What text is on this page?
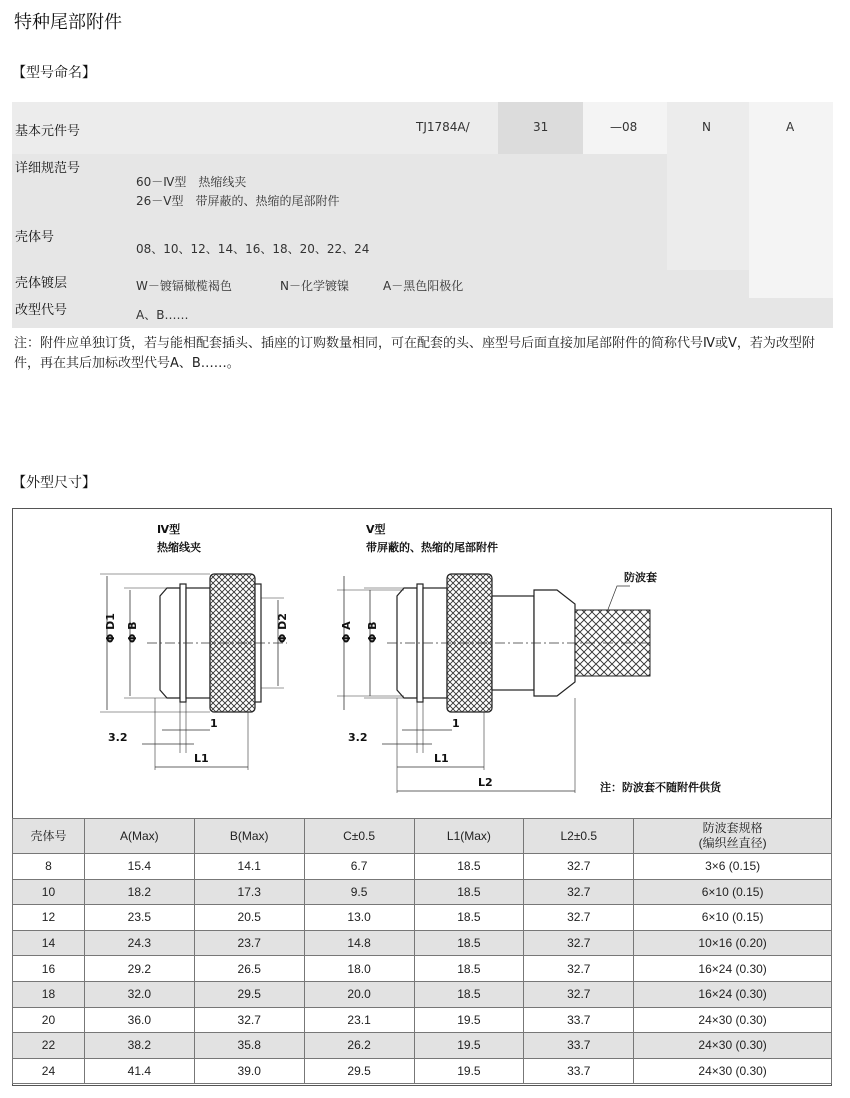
特种尾部附件
【型号命名】
基本元件号	TJ1784A/	31	—08	N	A
详细规范号
60－Ⅳ型　热缩线夹
26－Ⅴ型　带屏蔽的、热缩的尾部附件
壳体号
08、10、12、14、16、18、20、22、24
壳体镀层	W－镀镉橄榄褐色	N－化学镀镍	A－黑色阳极化
改型代号	A、B……
注：附件应单独订货，若与能相配套插头、插座的订购数量相同，可在配套的头、座型号后面直接加尾部附件的简称代号Ⅳ或Ⅴ，若为改型附件，再在其后加标改型代号A、B……。
【外型尺寸】
Ⅳ型
热缩线夹
Φ D1 Φ B	Φ D2
1
3.2
L1
Ⅴ型
带屏蔽的、热缩的尾部附件
防波套
Φ A Φ B
1
3.2
L1
L2	注：防波套不随附件供货
壳体号	A(Max)	B(Max)	C±0.5	L1(Max)	L2±0.5	防波套规格
(编织丝直径)

8	15.4	14.1	6.7	18.5	32.7	3×6 (0.15)
10	18.2	17.3	9.5	18.5	32.7	6×10 (0.15)
12	23.5	20.5	13.0	18.5	32.7	6×10 (0.15)
14	24.3	23.7	14.8	18.5	32.7	10×16 (0.20)
16	29.2	26.5	18.0	18.5	32.7	16×24 (0.30)
18	32.0	29.5	20.0	18.5	32.7	16×24 (0.30)
20	36.0	32.7	23.1	19.5	33.7	24×30 (0.30)
22	38.2	35.8	26.2	19.5	33.7	24×30 (0.30)
24	41.4	39.0	29.5	19.5	33.7	24×30 (0.30)
